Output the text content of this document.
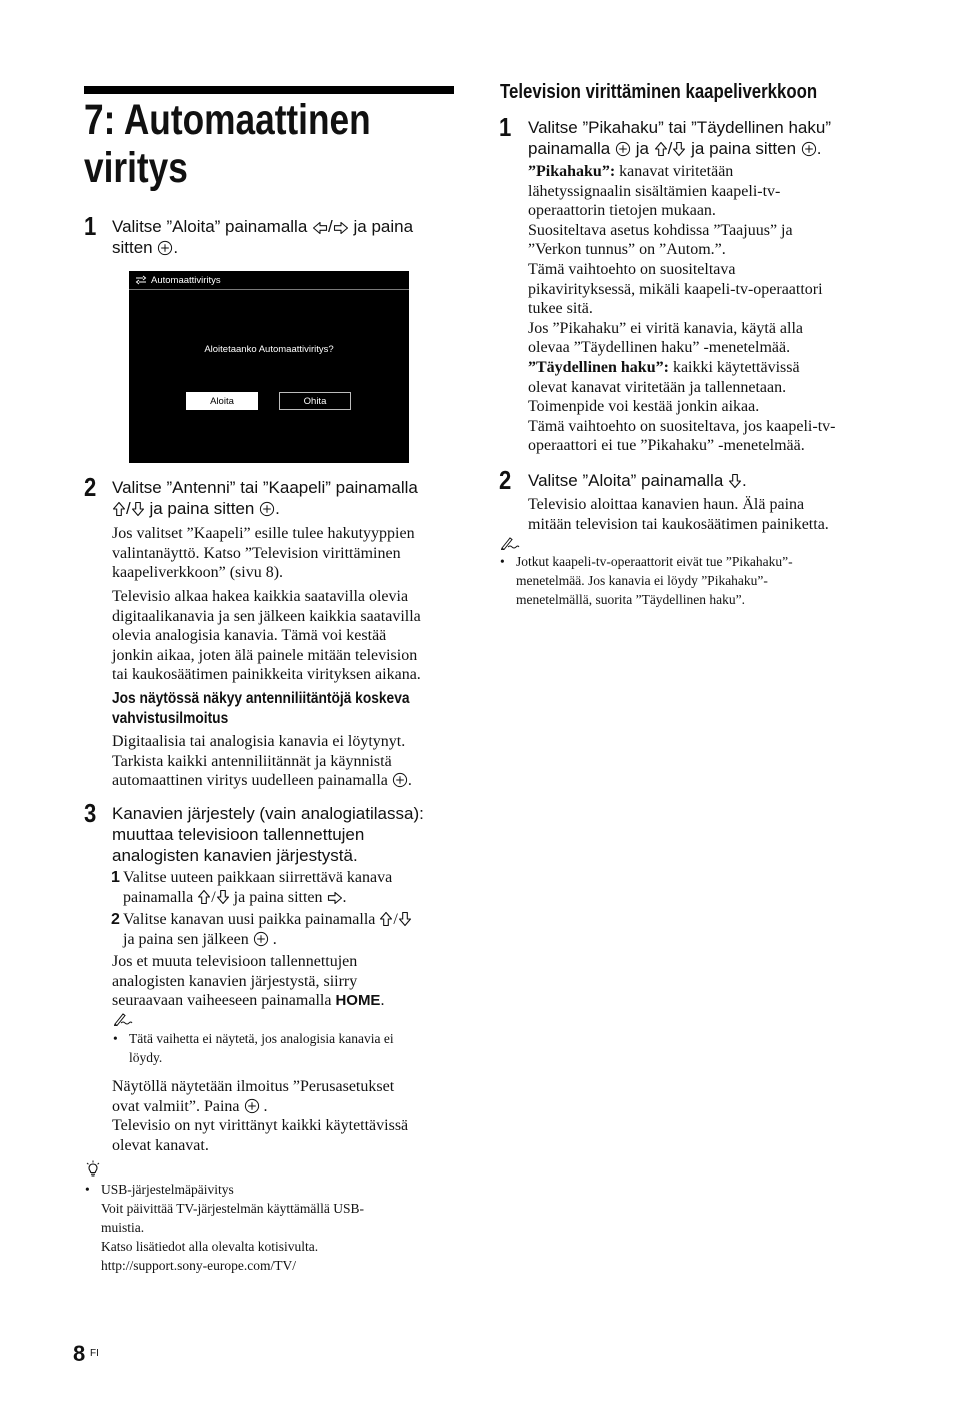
7: Automaattinen viritys
1 Valitse ”Aloita” painamalla / ja paina
sitten .
Automaattiviritys
Aloitetaanko Automaattiviritys?
Aloita	Ohita
2 Valitse ”Antenni” tai ”Kaapeli” painamalla
/ ja paina sitten .
Jos valitset ”Kaapeli” esille tulee hakutyyppien
valintanäyttö. Katso ”Television virittäminen
kaapeliverkkoon” (sivu 8).
Televisio alkaa hakea kaikkia saatavilla olevia
digitaalikanavia ja sen jälkeen kaikkia saatavilla
olevia analogisia kanavia. Tämä voi kestää
jonkin aikaa, joten älä painele mitään television
tai kaukosäätimen painikkeita virityksen aikana.
Jos näytössä näkyy antenniliitäntöjä koskeva
vahvistusilmoitus
Digitaalisia tai analogisia kanavia ei löytynyt.
Tarkista kaikki antenniliitännät ja käynnistä
automaattinen viritys uudelleen painamalla .
3 Kanavien järjestely (vain analogiatilassa):
muuttaa televisioon tallennettujen
analogisten kanavien järjestystä.
1 Valitse uuteen paikkaan siirrettävä kanava
painamalla / ja paina sitten .
2 Valitse kanavan uusi paikka painamalla /
ja paina sen jälkeen .
Jos et muuta televisioon tallennettujen
analogisten kanavien järjestystä, siirry
seuraavaan vaiheeseen painamalla HOME.
• Tätä vaihetta ei näytetä, jos analogisia kanavia ei
löydy.
Näytöllä näytetään ilmoitus ”Perusasetukset
ovat valmiit”. Paina .
Televisio on nyt virittänyt kaikki käytettävissä
olevat kanavat.
• USB-järjestelmäpäivitys
Voit päivittää TV-järjestelmän käyttämällä USB-
muistia.
Katso lisätiedot alla olevalta kotisivulta.
http://support.sony-europe.com/TV/
Television virittäminen kaapeliverkkoon
1 Valitse ”Pikahaku” tai ”Täydellinen haku”
painamalla ja / ja paina sitten .
”Pikahaku”: kanavat viritetään
lähetyssignaalin sisältämien kaapeli-tv-
operaattorin tietojen mukaan.
Suositeltava asetus kohdissa ”Taajuus” ja
”Verkon tunnus” on ”Autom.”.
Tämä vaihtoehto on suositeltava
pikavirityksessä, mikäli kaapeli-tv-operaattori
tukee sitä.
Jos ”Pikahaku” ei viritä kanavia, käytä alla
olevaa ”Täydellinen haku” -menetelmää.
”Täydellinen haku”: kaikki käytettävissä
olevat kanavat viritetään ja tallennetaan.
Toimenpide voi kestää jonkin aikaa.
Tämä vaihtoehto on suositeltava, jos kaapeli-tv-
operaattori ei tue ”Pikahaku” -menetelmää.
2 Valitse ”Aloita” painamalla .
Televisio aloittaa kanavien haun. Älä paina
mitään television tai kaukosäätimen painiketta.
• Jotkut kaapeli-tv-operaattorit eivät tue ”Pikahaku”-
menetelmää. Jos kanavia ei löydy ”Pikahaku”-
menetelmällä, suorita ”Täydellinen haku”.
8 FI
